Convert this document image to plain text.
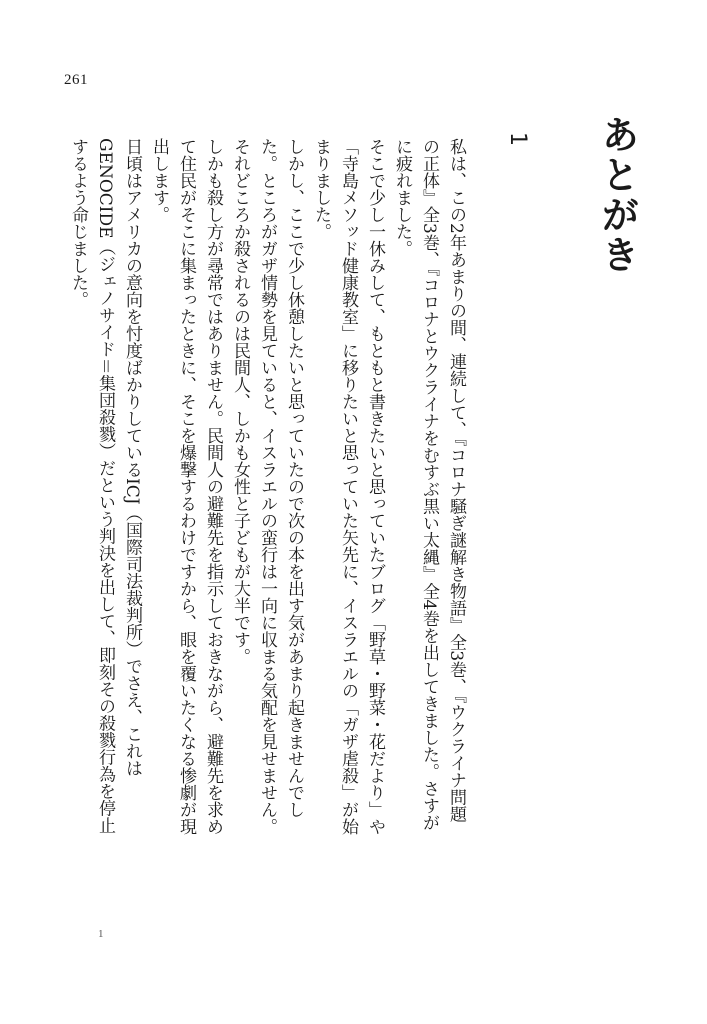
261
あとがき
1

私は、この2年あまりの間、連続して、『コロナ騒ぎ謎解き物語』全3巻、『ウクライナ問題の正体』全3巻、『コロナとウクライナをむすぶ黒い太縄』全4巻を出してきました。さすがに疲れました。

そこで少し一休みして、もともと書きたいと思っていたブログ「野草・野菜・花だより」や「寺島メソッド健康教室」に移りたいと思っていた矢先に、イスラエルの「ガザ虐殺」が始まりました。

しかし、ここで少し休憩したいと思っていたので次の本を出す気があまり起きませんでした。ところがガザ情勢を見ていると、イスラエルの蛮行は一向に収まる気配を見せません。それどころか殺されるのは民間人、しかも女性と子どもが大半です。

しかも殺し方が尋常ではありません。民間人の避難先を指示しておきながら、避難先を求めて住民がそこに集まったときに、そこを爆撃するわけですから、眼を覆いたくなる惨劇が現出します。

日頃はアメリカの意向を忖度ばかりしているICJ（国際司法裁判所）でさえ、これはGENOCIDE（ジェノサイド＝集団殺戮）だという判決を出して、即刻その殺戮行為を停止するよう命じました。

1
